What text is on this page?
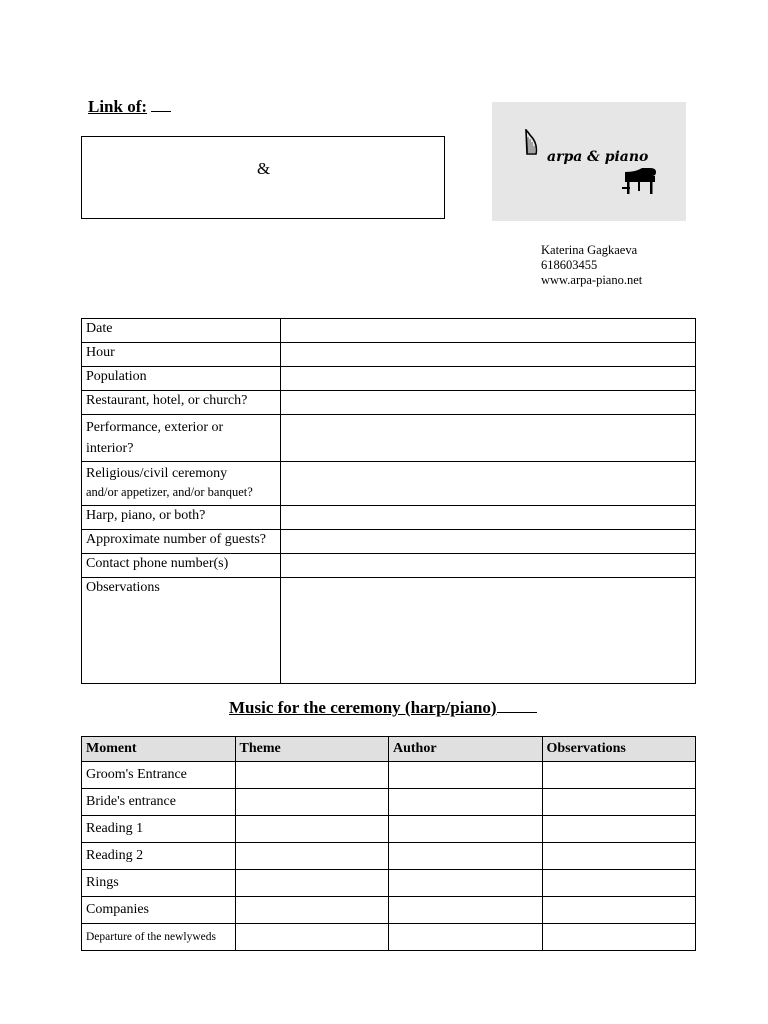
Link of:
&
arpa & piano
Katerina Gagkaeva
618603455
www.arpa-piano.net
Date	
Hour	
Population	
Restaurant, hotel, or church?	

Performance, exterior or
interior?	

Religious/civil ceremony
and/or appetizer, and/or banquet?	

Harp, piano, or both?	
Approximate number of guests?	
Contact phone number(s)	
Observations	
Music for the ceremony (harp/piano)
Moment	Theme	Author	Observations
Groom's Entrance			
Bride's entrance			
Reading 1			
Reading 2			
Rings			
Companies			
Departure of the newlyweds			
